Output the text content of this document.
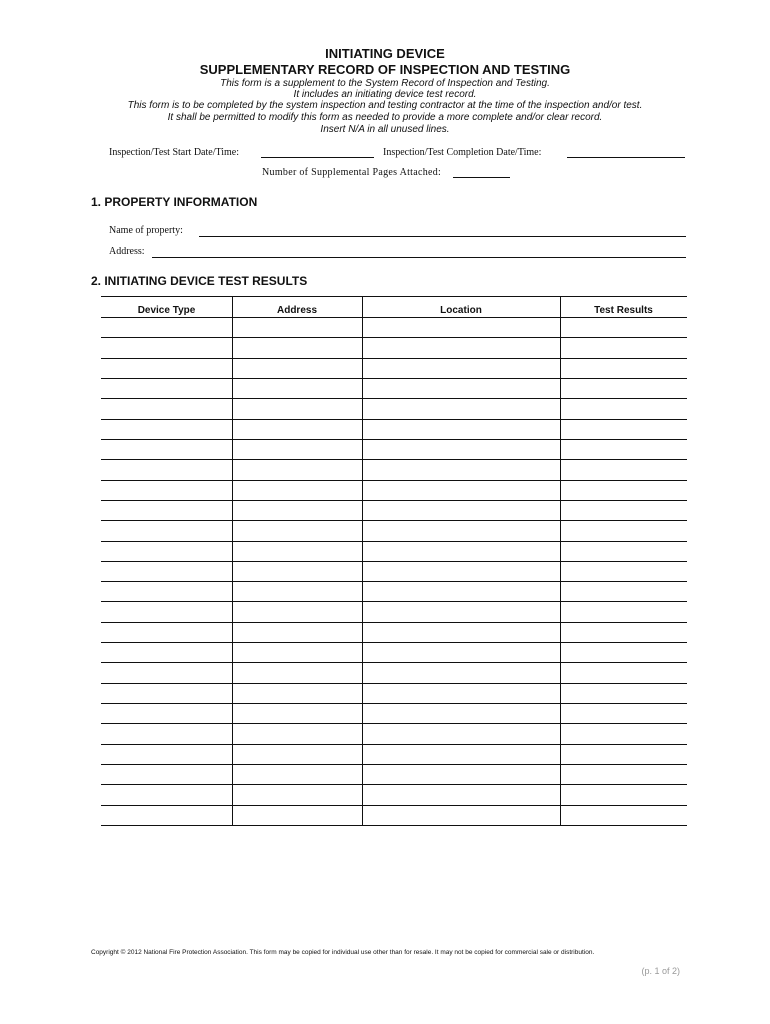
INITIATING DEVICE
SUPPLEMENTARY RECORD OF INSPECTION AND TESTING
This form is a supplement to the System Record of Inspection and Testing.
It includes an initiating device test record.
This form is to be completed by the system inspection and testing contractor at the time of the inspection and/or test.
It shall be permitted to modify this form as needed to provide a more complete and/or clear record.
Insert N/A in all unused lines.
Inspection/Test Start Date/Time:	Inspection/Test Completion Date/Time:
Number of Supplemental Pages Attached:
1. PROPERTY INFORMATION
Name of property:
Address:
2. INITIATING DEVICE TEST RESULTS
Device Type	Address	Location	Test Results
Copyright © 2012 National Fire Protection Association. This form may be copied for individual use other than for resale. It may not be copied for commercial sale or distribution.
(p. 1 of 2)
